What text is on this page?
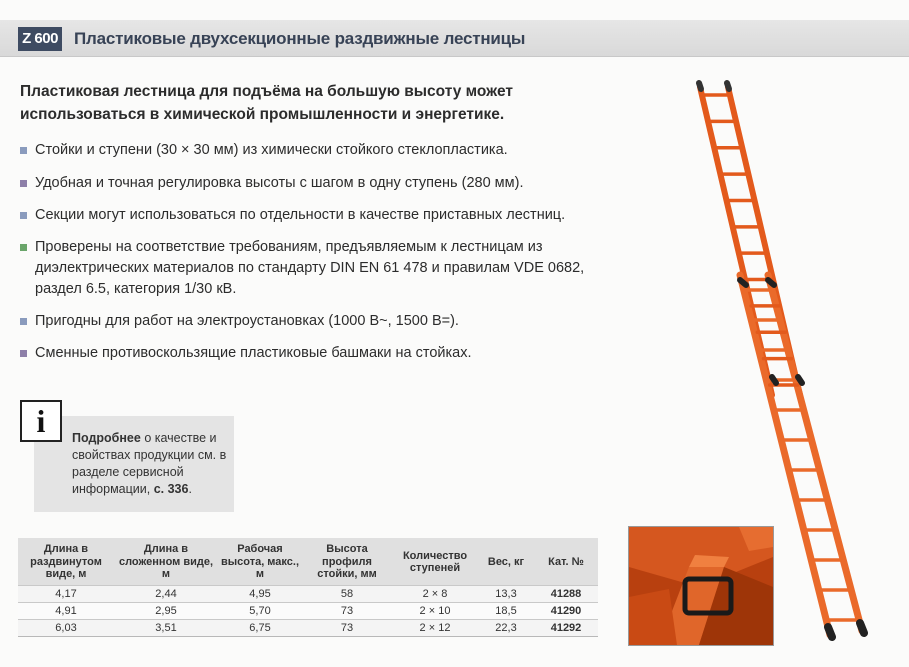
Z 600 Пластиковые двухсекционные раздвижные лестницы
Пластиковая лестница для подъёма на большую высоту может использоваться в химической промышленности и энергетике.
Стойки и ступени (30 × 30 мм) из химически стойкого стеклопластика.
Удобная и точная регулировка высоты с шагом в одну ступень (280 мм).
Секции могут использоваться по отдельности в качестве приставных лестниц.
Проверены на соответствие требованиям, предъявляемым к лестницам из диэлектрических материалов по стандарту DIN EN 61 478 и правилам VDE 0682, раздел 6.5, категория 1/30 кВ.
Пригодны для работ на электроустановках (1000 В~, 1500 В=).
Сменные противоскользящие пластиковые башмаки на стойках.
i	Подробнее о качестве и свойствах продукции см. в разделе сервисной информации, с. 336.
Длина в раздвинутом виде, м	Длина в сложенном виде, м	Рабочая высота, макс., м	Высота профиля стойки, мм	Количество ступеней	Вес, кг	Кат. №
4,17	2,44	4,95	58	2 × 8	13,3	41288
4,91	2,95	5,70	73	2 × 10	18,5	41290
6,03	3,51	6,75	73	2 × 12	22,3	41292
